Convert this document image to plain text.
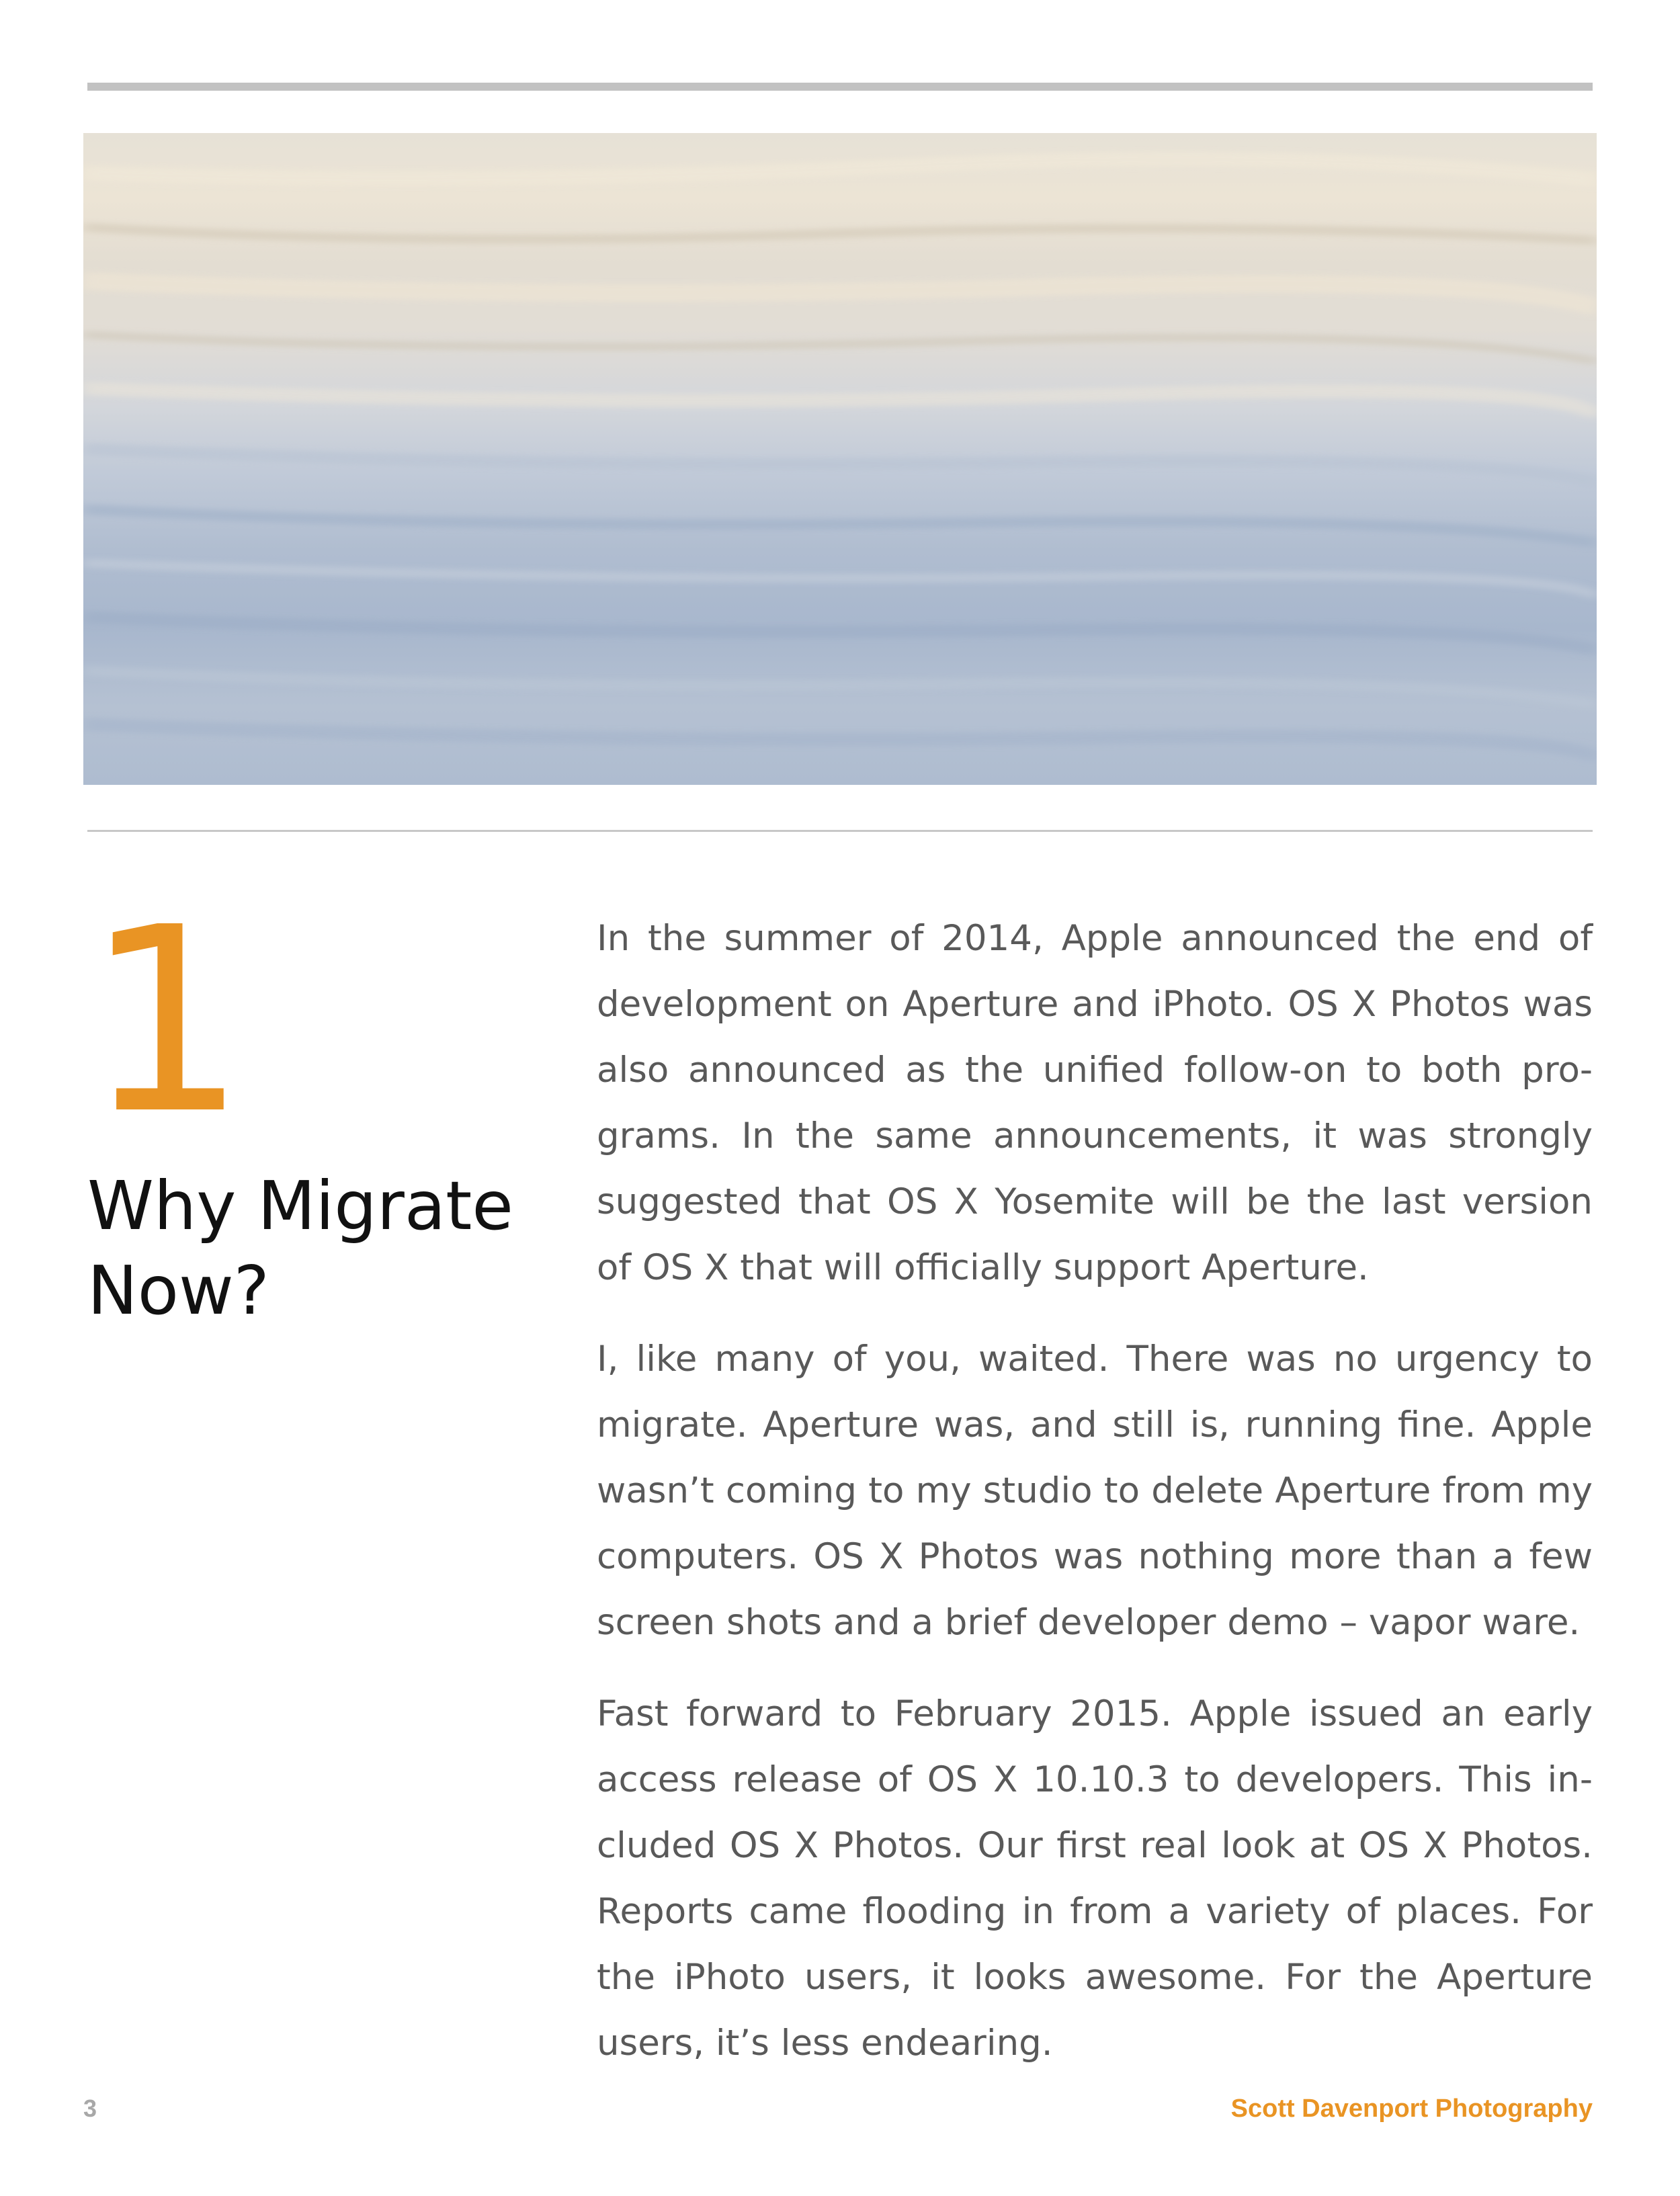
1
Why Migrate Now?

In the summer of 2014, Apple announced the end of development on Aperture and iPhoto. OS X Photos was also announced as the unified follow-on to both programs. In the same announcements, it was strongly suggested that OS X Yosemite will be the last version of OS X that will officially support Aperture.

I, like many of you, waited. There was no urgency to migrate. Aperture was, and still is, running fine. Apple wasn’t coming to my studio to delete Aperture from my computers. OS X Photos was nothing more than a few screen shots and a brief developer demo – vapor ware.

Fast forward to February 2015. Apple issued an early access release of OS X 10.10.3 to developers. This included OS X Photos. Our first real look at OS X Photos. Reports came flooding in from a variety of places. For the iPhoto users, it looks awesome. For the Aperture users, it’s less endearing.

3	Scott Davenport Photography
